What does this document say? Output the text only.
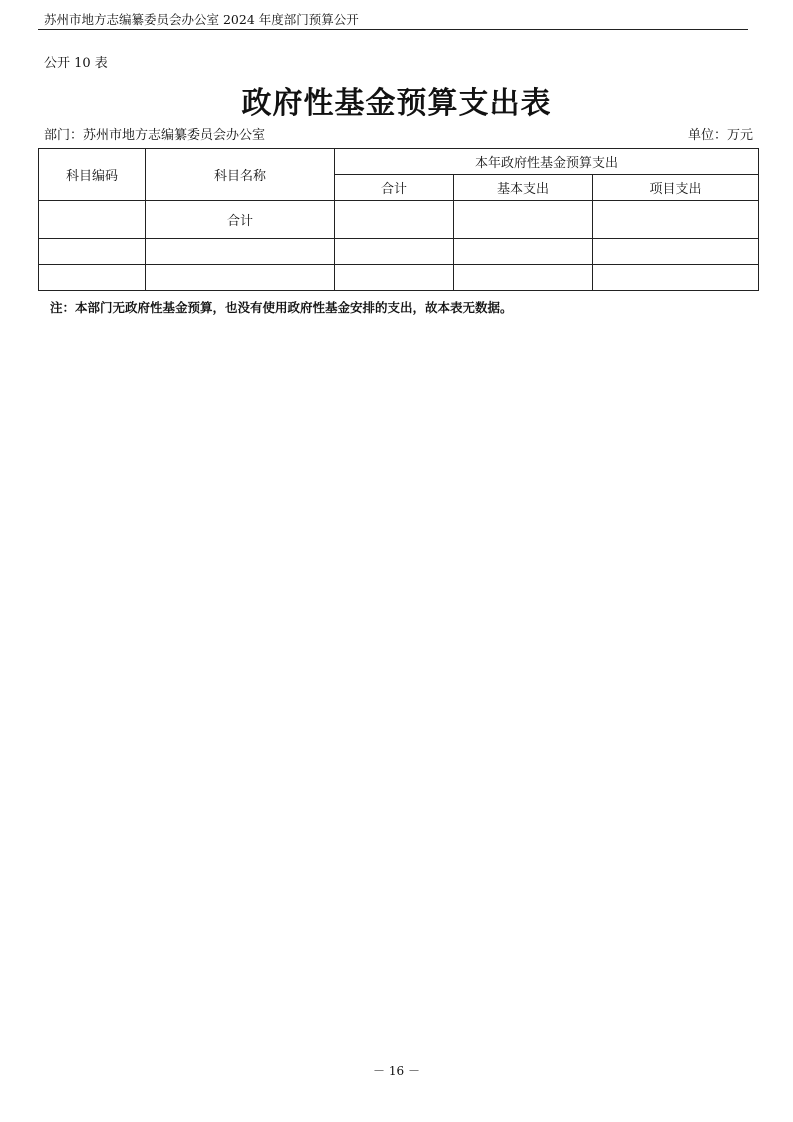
苏州市地方志编纂委员会办公室 2024 年度部门预算公开
公开 10 表
政府性基金预算支出表
部门：苏州市地方志编纂委员会办公室	单位：万元
科目编码	科目名称	本年政府性基金预算支出		
		合计	基本支出	项目支出
	合计			

注：本部门无政府性基金预算，也没有使用政府性基金安排的支出，故本表无数据。
－ 16 －
